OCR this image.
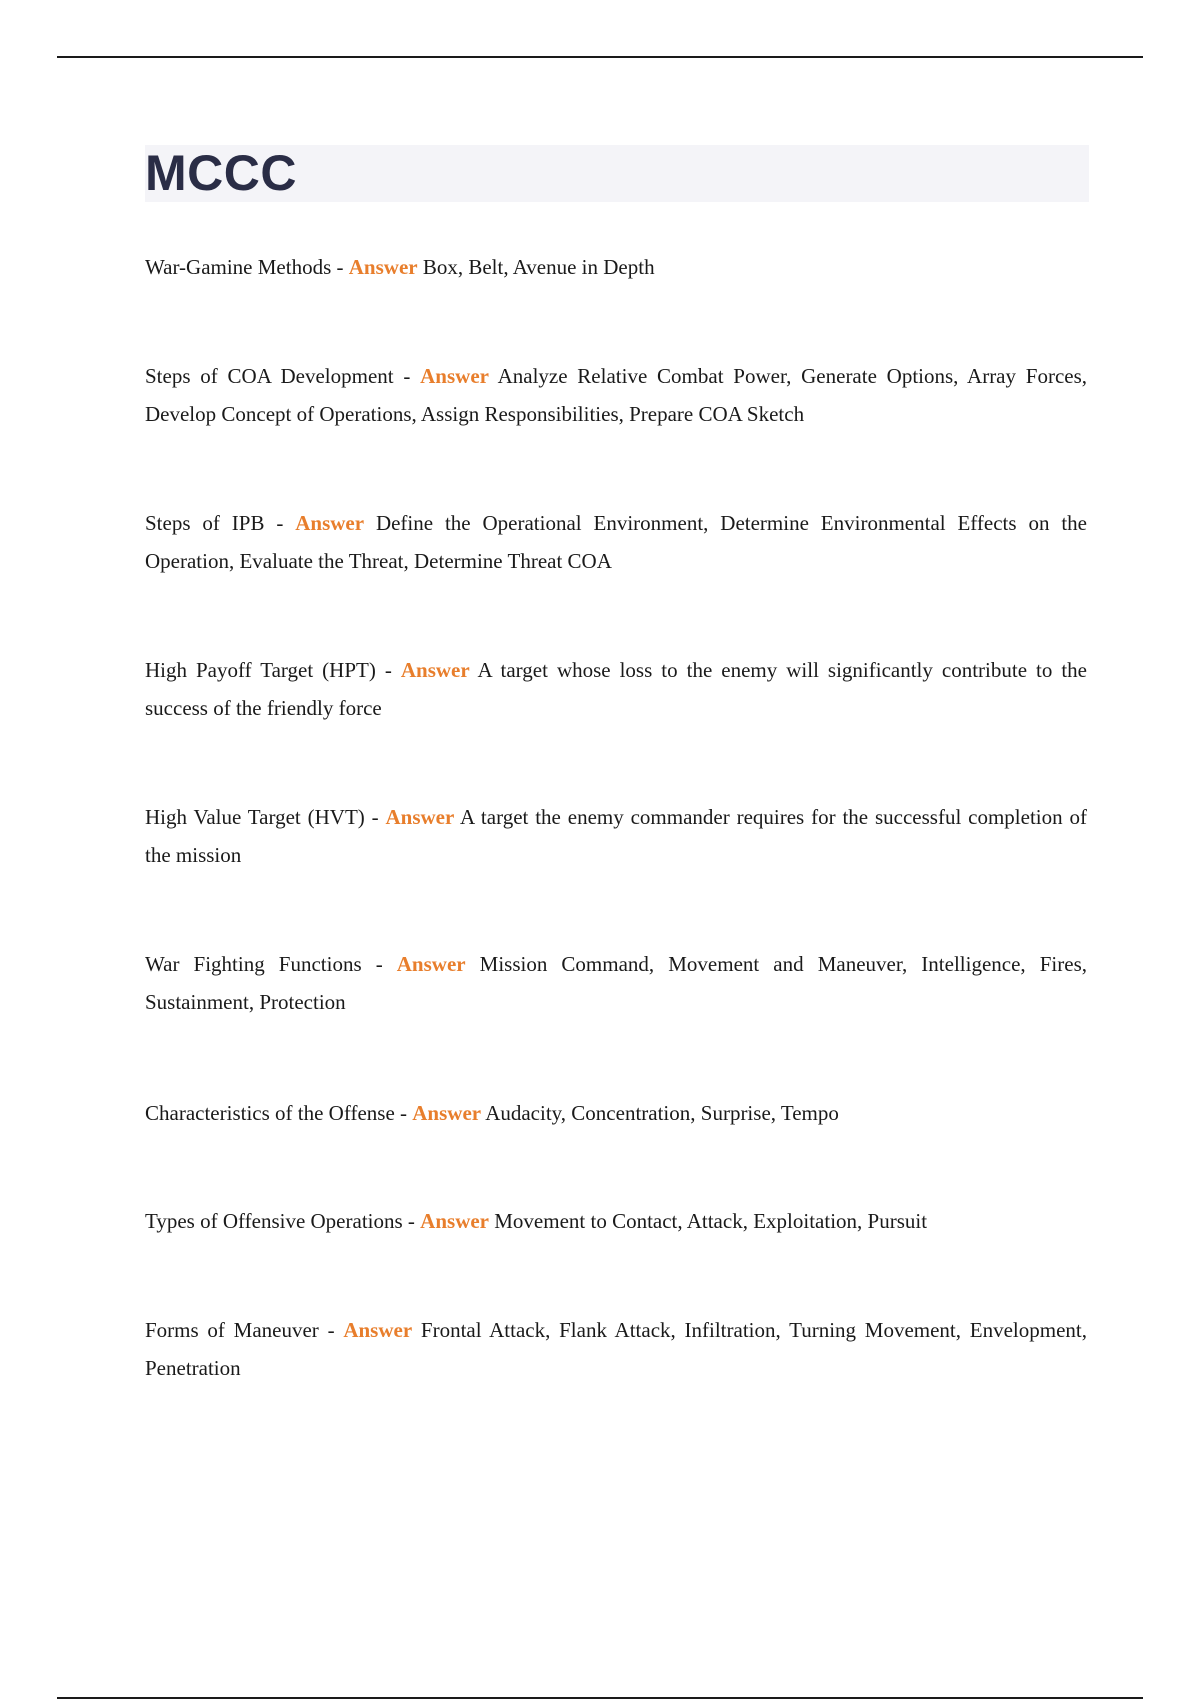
MCCC

War-Gamine Methods - Answer Box, Belt, Avenue in Depth

Steps of COA Development - Answer Analyze Relative Combat Power, Generate Options, Array Forces, Develop Concept of Operations, Assign Responsibilities, Prepare COA Sketch

Steps of IPB - Answer Define the Operational Environment, Determine Environmental Effects on the Operation, Evaluate the Threat, Determine Threat COA

High Payoff Target (HPT) - Answer A target whose loss to the enemy will significantly contribute to the success of the friendly force

High Value Target (HVT) - Answer A target the enemy commander requires for the successful completion of the mission

War Fighting Functions - Answer Mission Command, Movement and Maneuver, Intelligence, Fires, Sustainment, Protection

Characteristics of the Offense - Answer Audacity, Concentration, Surprise, Tempo

Types of Offensive Operations - Answer Movement to Contact, Attack, Exploitation, Pursuit

Forms of Maneuver - Answer Frontal Attack, Flank Attack, Infiltration, Turning Movement, Envelopment, Penetration
